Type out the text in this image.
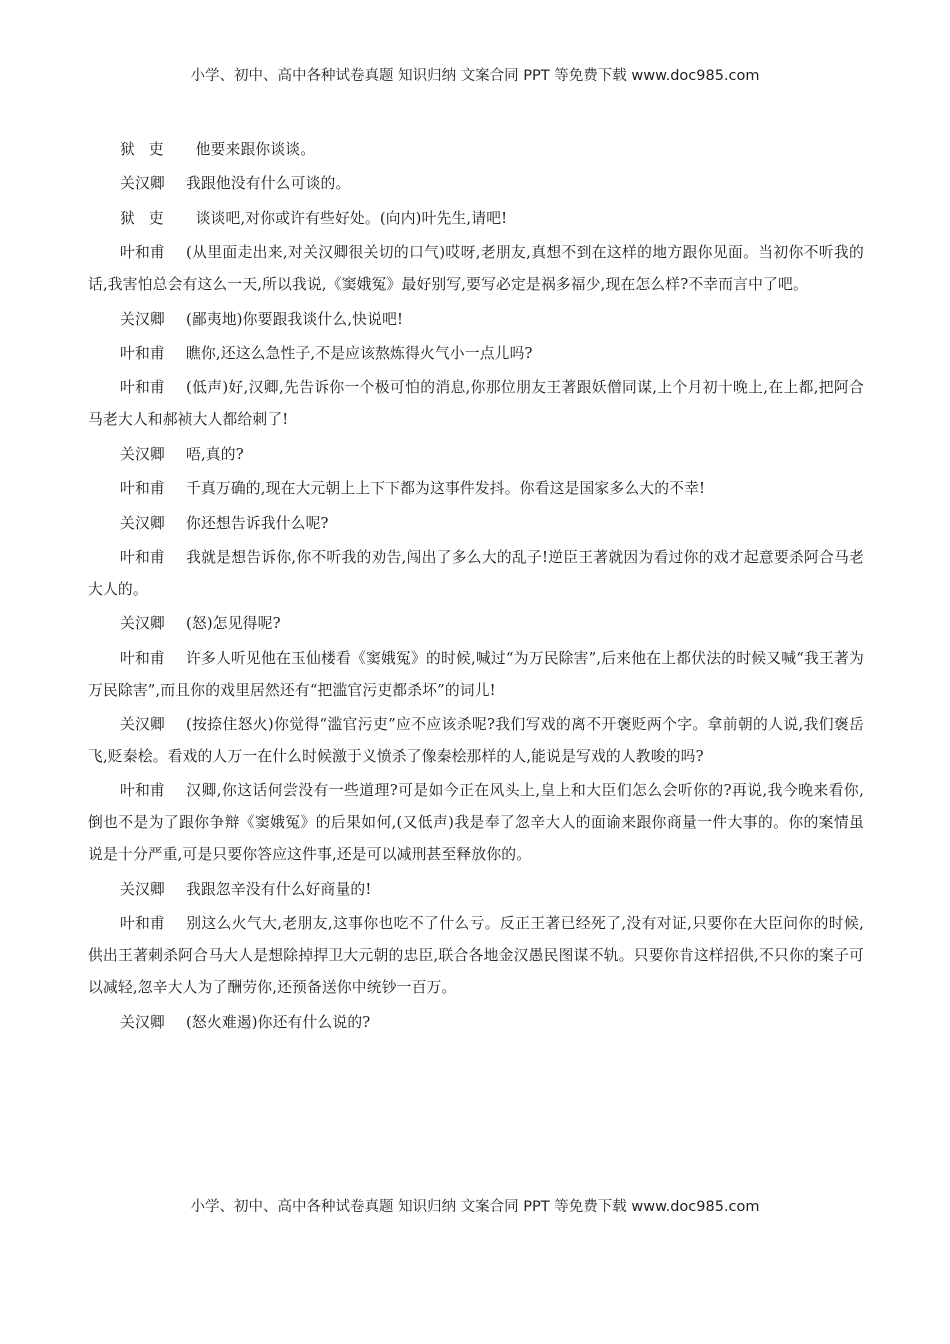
小学、初中、高中各种试卷真题 知识归纳 文案合同 PPT 等免费下载 www.doc985.com

狱吏 他要来跟你谈谈。

关汉卿 我跟他没有什么可谈的。

狱吏 谈谈吧,对你或许有些好处。(向内)叶先生,请吧!

叶和甫 (从里面走出来,对关汉卿很关切的口气)哎呀,老朋友,真想不到在这样的地方跟你见面。当初你不听我的话,我害怕总会有这么一天,所以我说,《窦娥冤》最好别写,要写必定是祸多福少,现在怎么样?不幸而言中了吧。

关汉卿 (鄙夷地)你要跟我谈什么,快说吧!

叶和甫 瞧你,还这么急性子,不是应该熬炼得火气小一点儿吗?

叶和甫 (低声)好,汉卿,先告诉你一个极可怕的消息,你那位朋友王著跟妖僧同谋,上个月初十晚上,在上都,把阿合马老大人和郝祯大人都给刺了!

关汉卿 唔,真的?

叶和甫 千真万确的,现在大元朝上上下下都为这事件发抖。你看这是国家多么大的不幸!

关汉卿 你还想告诉我什么呢?

叶和甫 我就是想告诉你,你不听我的劝告,闯出了多么大的乱子!逆臣王著就因为看过你的戏才起意要杀阿合马老大人的。

关汉卿 (怒)怎见得呢?

叶和甫 许多人听见他在玉仙楼看《窦娥冤》的时候,喊过“为万民除害”,后来他在上都伏法的时候又喊“我王著为万民除害”,而且你的戏里居然还有“把滥官污吏都杀坏”的词儿!

关汉卿 (按捺住怒火)你觉得“滥官污吏”应不应该杀呢?我们写戏的离不开褒贬两个字。拿前朝的人说,我们褒岳飞,贬秦桧。看戏的人万一在什么时候激于义愤杀了像秦桧那样的人,能说是写戏的人教唆的吗?

叶和甫 汉卿,你这话何尝没有一些道理?可是如今正在风头上,皇上和大臣们怎么会听你的?再说,我今晚来看你,倒也不是为了跟你争辩《窦娥冤》的后果如何,(又低声)我是奉了忽辛大人的面谕来跟你商量一件大事的。你的案情虽说是十分严重,可是只要你答应这件事,还是可以减刑甚至释放你的。

关汉卿 我跟忽辛没有什么好商量的!

叶和甫 别这么火气大,老朋友,这事你也吃不了什么亏。反正王著已经死了,没有对证,只要你在大臣问你的时候,供出王著刺杀阿合马大人是想除掉捍卫大元朝的忠臣,联合各地金汉愚民图谋不轨。只要你肯这样招供,不只你的案子可以减轻,忽辛大人为了酬劳你,还预备送你中统钞一百万。

关汉卿 (怒火难遏)你还有什么说的?

小学、初中、高中各种试卷真题 知识归纳 文案合同 PPT 等免费下载 www.doc985.com
